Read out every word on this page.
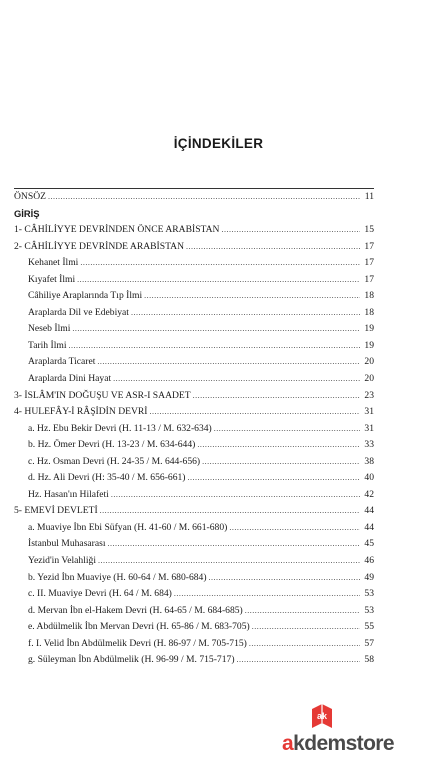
İÇİNDEKİLER
ÖNSÖZ .....	11
GİRİŞ
1- CÂHİLİYYE DEVRİNDEN ÖNCE ARABİSTAN .....	15
2- CÂHİLİYYE DEVRİNDE ARABİSTAN .....	17
Kehanet İlmi .....	17
Kıyafet İlmi .....	17
Câhiliye Araplarında Tıp İlmi .....	18
Araplarda Dil ve Edebiyat .....	18
Neseb İlmi .....	19
Tarih İlmi .....	19
Araplarda Ticaret .....	20
Araplarda Dini Hayat .....	20
3- İSLÂM'IN DOĞUŞU VE ASR-I SAADET .....	23
4- HULEFÂY-İ RÂŞİDİN DEVRİ .....	31
a. Hz. Ebu Bekir Devri (H. 11-13 / M. 632-634) .....	31
b. Hz. Ömer Devri (H. 13-23 / M. 634-644) .....	33
c. Hz. Osman Devri (H. 24-35 / M. 644-656) .....	38
d. Hz. Ali Devri (H: 35-40 / M. 656-661) .....	40
Hz. Hasan'ın Hilafeti .....	42
5- EMEVİ DEVLETİ .....	44
a. Muaviye İbn Ebi Süfyan (H. 41-60 / M. 661-680) .....	44
İstanbul Muhasarası .....	45
Yezid'in Velahliği .....	46
b. Yezid İbn Muaviye (H. 60-64 / M. 680-684) .....	49
c. II. Muaviye Devri (H. 64 / M. 684) .....	53
d. Mervan İbn el-Hakem Devri (H. 64-65 / M. 684-685) .....	53
e. Abdülmelik İbn Mervan Devri (H. 65-86 / M. 683-705) .....	55
f. I. Velid İbn Abdülmelik Devri (H. 86-97 / M. 705-715) .....	57
g. Süleyman İbn Abdülmelik (H. 96-99 / M. 715-717) .....	58
ak
akdemstore
